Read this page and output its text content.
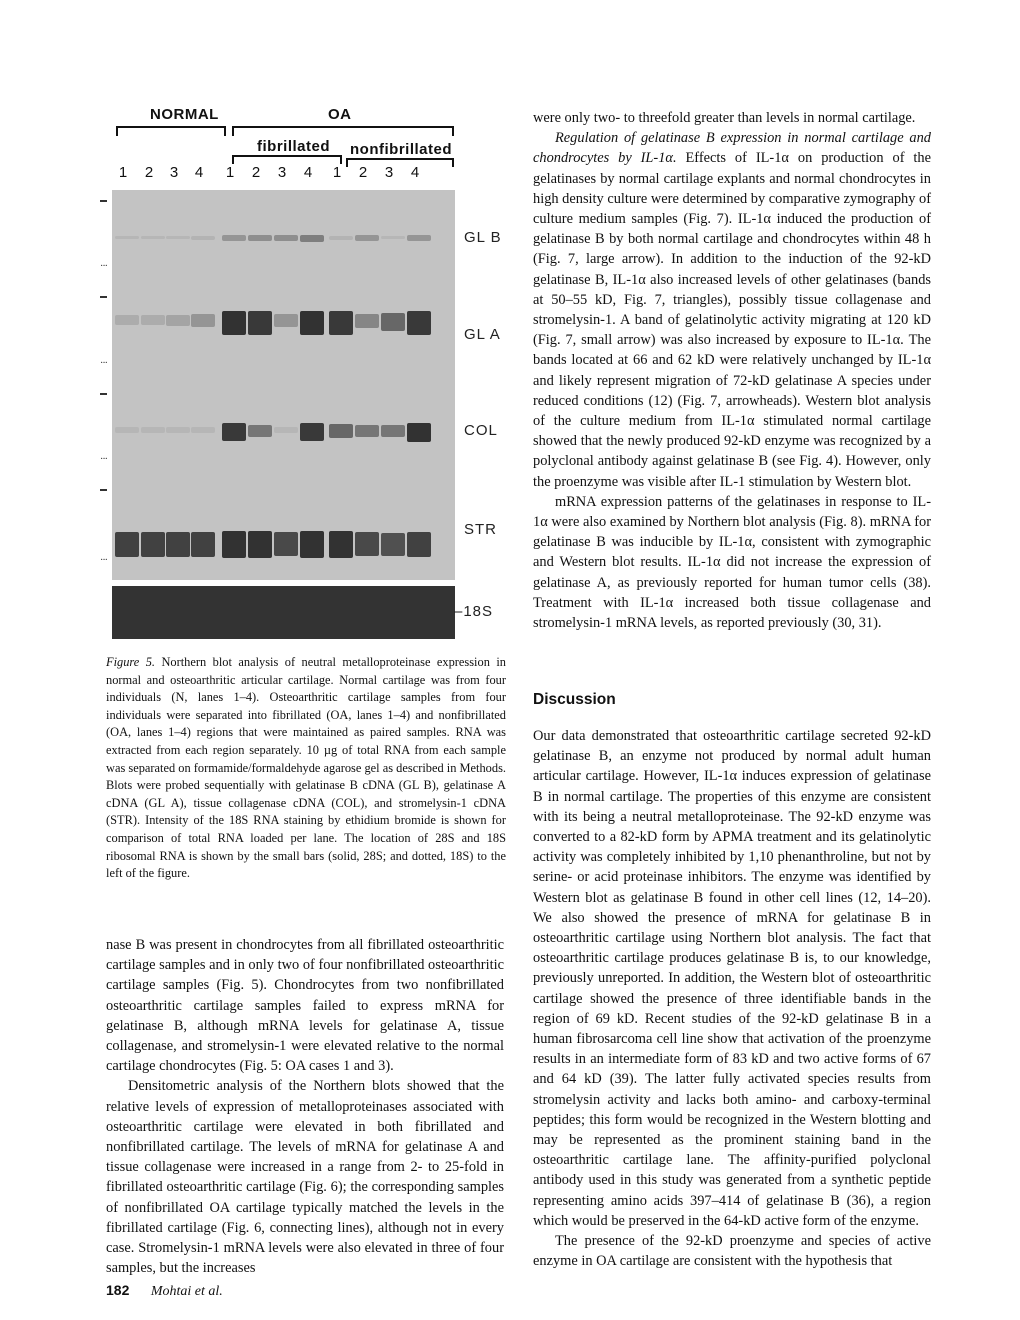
NORMAL	OA
fibrillated nonfibrillated
1	2	3	4	1	2	3	4	1	2	3	4
···
GL B
···
GL A
···
COL
···
STR
–18S
Figure 5. Northern blot analysis of neutral metalloproteinase expression in normal and osteoarthritic articular cartilage. Normal cartilage was from four individuals (N, lanes 1–4). Osteoarthritic cartilage samples from four individuals were separated into fibrillated (OA, lanes 1–4) and nonfibrillated (OA, lanes 1–4) regions that were maintained as paired samples. RNA was extracted from each region separately. 10 µg of total RNA from each sample was separated on formamide/formaldehyde agarose gel as described in Methods. Blots were probed sequentially with gelatinase B cDNA (GL B), gelatinase A cDNA (GL A), tissue collagenase cDNA (COL), and stromelysin-1 cDNA (STR). Intensity of the 18S RNA staining by ethidium bromide is shown for comparison of total RNA loaded per lane. The location of 28S and 18S ribosomal RNA is shown by the small bars (solid, 28S; and dotted, 18S) to the left of the figure.

nase B was present in chondrocytes from all fibrillated osteoarthritic cartilage samples and in only two of four nonfibrillated osteoarthritic cartilage samples (Fig. 5). Chondrocytes from two nonfibrillated osteoarthritic cartilage samples failed to express mRNA for gelatinase B, although mRNA levels for gelatinase A, tissue collagenase, and stromelysin-1 were elevated relative to the normal cartilage chondrocytes (Fig. 5: OA cases 1 and 3).

Densitometric analysis of the Northern blots showed that the relative levels of expression of metalloproteinases associated with osteoarthritic cartilage were elevated in both fibrillated and nonfibrillated cartilage. The levels of mRNA for gelatinase A and tissue collagenase were increased in a range from 2- to 25-fold in fibrillated osteoarthritic cartilage (Fig. 6); the corresponding samples of nonfibrillated OA cartilage typically matched the levels in the fibrillated cartilage (Fig. 6, connecting lines), although not in every case. Stromelysin-1 mRNA levels were also elevated in three of four samples, but the increases

were only two- to threefold greater than levels in normal cartilage.

Regulation of gelatinase B expression in normal cartilage and chondrocytes by IL-1α. Effects of IL-1α on production of the gelatinases by normal cartilage explants and normal chondrocytes in high density culture were determined by comparative zymography of culture medium samples (Fig. 7). IL-1α induced the production of gelatinase B by both normal cartilage and chondrocytes within 48 h (Fig. 7, large arrow). In addition to the induction of the 92-kD gelatinase B, IL-1α also increased levels of other gelatinases (bands at 50–55 kD, Fig. 7, triangles), possibly tissue collagenase and stromelysin-1. A band of gelatinolytic activity migrating at 120 kD (Fig. 7, small arrow) was also increased by exposure to IL-1α. The bands located at 66 and 62 kD were relatively unchanged by IL-1α and likely represent migration of 72-kD gelatinase A species under reduced conditions (12) (Fig. 7, arrowheads). Western blot analysis of the culture medium from IL-1α stimulated normal cartilage showed that the newly produced 92-kD enzyme was recognized by a polyclonal antibody against gelatinase B (see Fig. 4). However, only the proenzyme was visible after IL-1 stimulation by Western blot.

mRNA expression patterns of the gelatinases in response to IL-1α were also examined by Northern blot analysis (Fig. 8). mRNA for gelatinase B was inducible by IL-1α, consistent with zymographic and Western blot results. IL-1α did not increase the expression of gelatinase A, as previously reported for human tumor cells (38). Treatment with IL-1α increased both tissue collagenase and stromelysin-1 mRNA levels, as reported previously (30, 31).

Discussion

Our data demonstrated that osteoarthritic cartilage secreted 92-kD gelatinase B, an enzyme not produced by normal adult human articular cartilage. However, IL-1α induces expression of gelatinase B in normal cartilage. The properties of this enzyme are consistent with its being a neutral metalloproteinase. The 92-kD enzyme was converted to a 82-kD form by APMA treatment and its gelatinolytic activity was completely inhibited by 1,10 phenanthroline, but not by serine- or acid proteinase inhibitors. The enzyme was identified by Western blot as gelatinase B found in other cell lines (12, 14–20). We also showed the presence of mRNA for gelatinase B in osteoarthritic cartilage using Northern blot analysis. The fact that osteoarthritic cartilage produces gelatinase B is, to our knowledge, previously unreported. In addition, the Western blot of osteoarthritic cartilage showed the presence of three identifiable bands in the region of 69 kD. Recent studies of the 92-kD gelatinase B in a human fibrosarcoma cell line show that activation of the proenzyme results in an intermediate form of 83 kD and two active forms of 67 and 64 kD (39). The latter fully activated species results from stromelysin activity and lacks both amino- and carboxy-terminal peptides; this form would be recognized in the Western blotting and may be represented as the prominent staining band in the osteoarthritic cartilage lane. The affinity-purified polyclonal antibody used in this study was generated from a synthetic peptide representing amino acids 397–414 of gelatinase B (36), a region which would be preserved in the 64-kD active form of the enzyme.

The presence of the 92-kD proenzyme and species of active enzyme in OA cartilage are consistent with the hypothesis that

182 Mohtai et al.
